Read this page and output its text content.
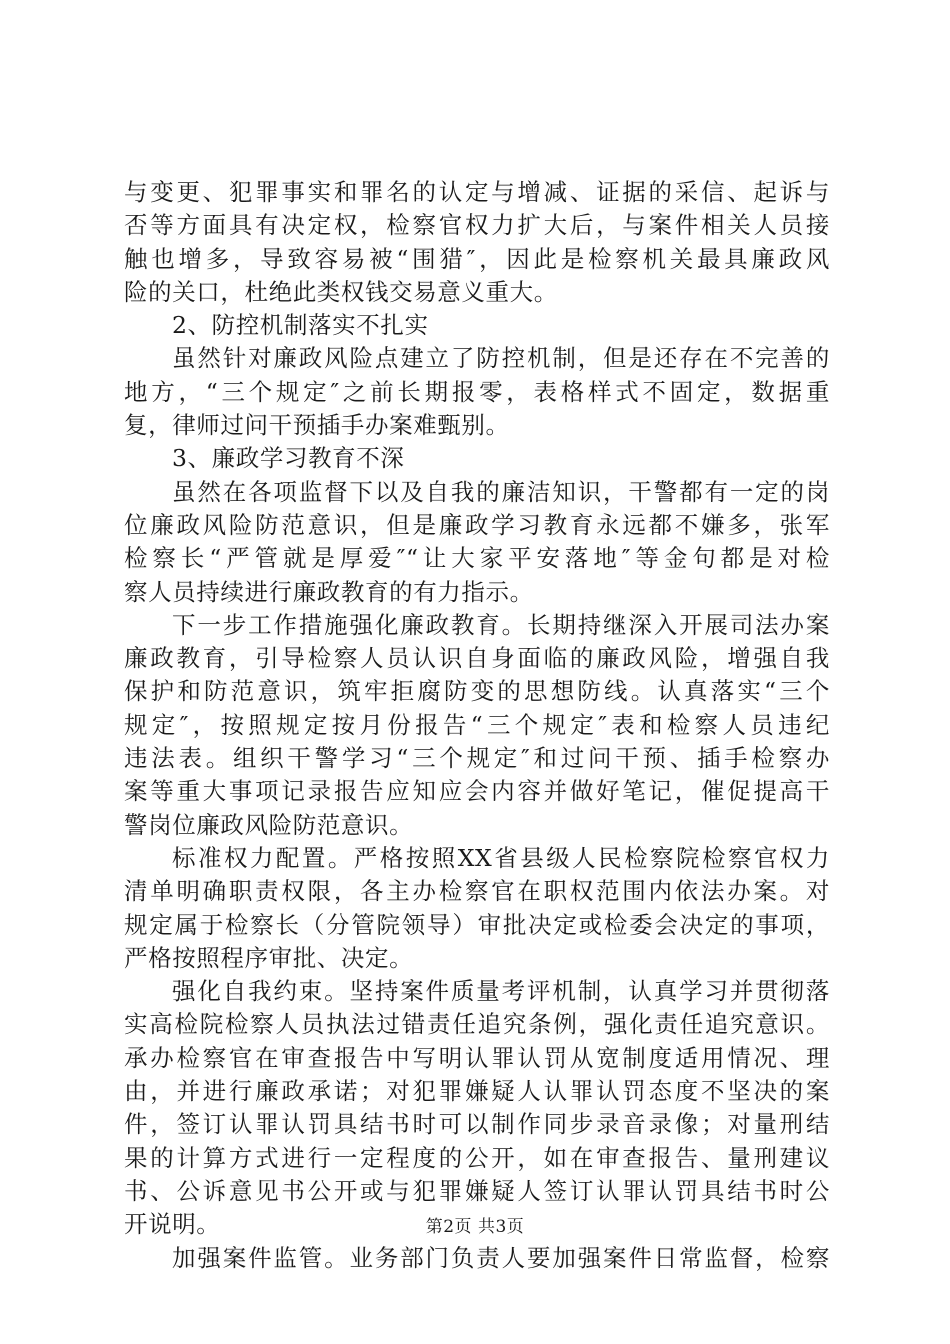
与变更、犯罪事实和罪名的认定与增减、证据的采信、起诉与
否等方面具有决定权，检察官权力扩大后，与案件相关人员接
触也增多，导致容易被“围猎″，因此是检察机关最具廉政风
险的关口，杜绝此类权钱交易意义重大。
2、防控机制落实不扎实
虽然针对廉政风险点建立了防控机制，但是还存在不完善的
地方，“三个规定″之前长期报零，表格样式不固定，数据重
复，律师过问干预插手办案难甄别。
3、廉政学习教育不深
虽然在各项监督下以及自我的廉洁知识，干警都有一定的岗
位廉政风险防范意识，但是廉政学习教育永远都不嫌多，张军
检察长“严管就是厚爱″“让大家平安落地″等金句都是对检
察人员持续进行廉政教育的有力指示。
下一步工作措施强化廉政教育。长期持继深入开展司法办案
廉政教育，引导检察人员认识自身面临的廉政风险，增强自我
保护和防范意识，筑牢拒腐防变的思想防线。认真落实“三个
规定″，按照规定按月份报告“三个规定″表和检察人员违纪
违法表。组织干警学习“三个规定″和过问干预、插手检察办
案等重大事项记录报告应知应会内容并做好笔记，催促提高干
警岗位廉政风险防范意识。
标准权力配置。严格按照XX省县级人民检察院检察官权力
清单明确职责权限，各主办检察官在职权范围内依法办案。对
规定属于检察长（分管院领导）审批决定或检委会决定的事项，
严格按照程序审批、决定。
强化自我约束。坚持案件质量考评机制，认真学习并贯彻落
实高检院检察人员执法过错责任追究条例，强化责任追究意识。
承办检察官在审查报告中写明认罪认罚从宽制度适用情况、理
由，并进行廉政承诺；对犯罪嫌疑人认罪认罚态度不坚决的案
件，签订认罪认罚具结书时可以制作同步录音录像；对量刑结
果的计算方式进行一定程度的公开，如在审查报告、量刑建议
书、公诉意见书公开或与犯罪嫌疑人签订认罪认罚具结书时公
开说明。
加强案件监管。业务部门负责人要加强案件日常监督，检察
第2页 共3页
